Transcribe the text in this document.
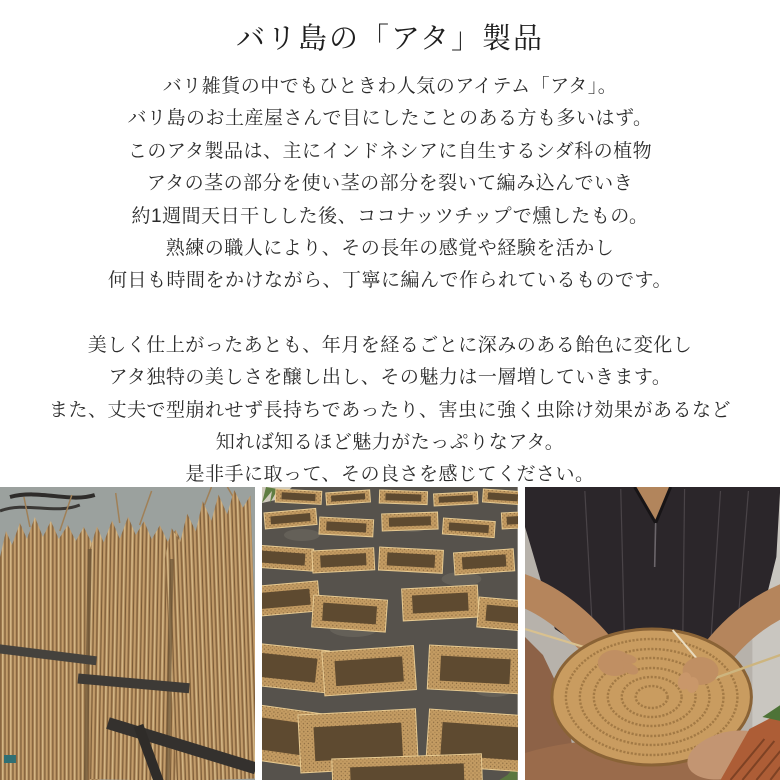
バリ島の「アタ」製品
バリ雑貨の中でもひときわ人気のアイテム「アタ」。
バリ島のお土産屋さんで目にしたことのある方も多いはず。
このアタ製品は、主にインドネシアに自生するシダ科の植物
アタの茎の部分を使い茎の部分を裂いて編み込んでいき
約1週間天日干しした後、ココナッツチップで燻したもの。
熟練の職人により、その長年の感覚や経験を活かし
何日も時間をかけながら、丁寧に編んで作られているものです。
美しく仕上がったあとも、年月を経るごとに深みのある飴色に変化し
アタ独特の美しさを醸し出し、その魅力は一層増していきます。
また、丈夫で型崩れせず長持ちであったり、害虫に強く虫除け効果があるなど
知れば知るほど魅力がたっぷりなアタ。
是非手に取って、その良さを感じてください。
